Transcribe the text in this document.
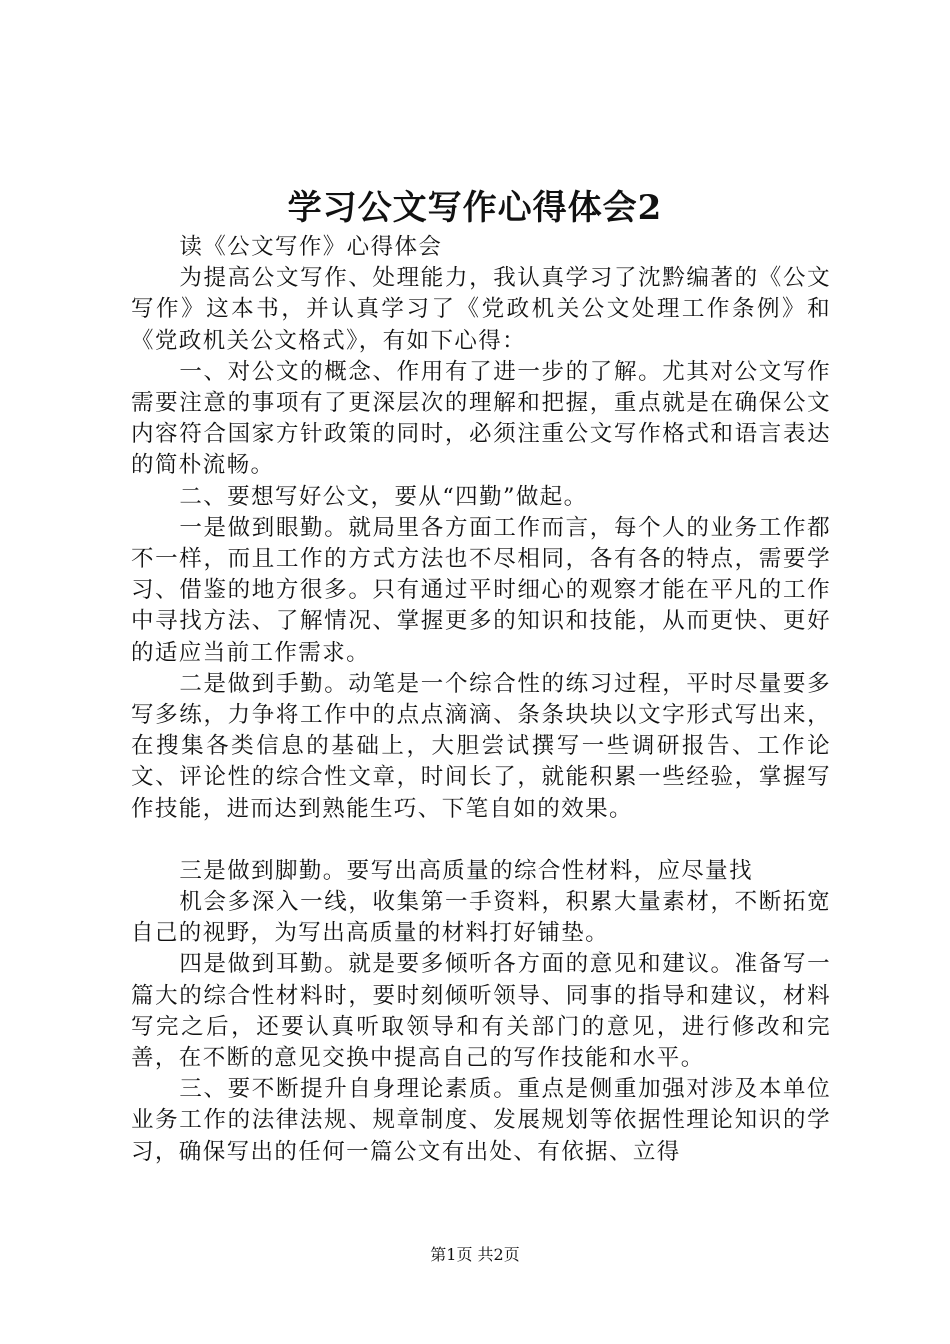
学习公文写作心得体会2

读《公文写作》心得体会

为提高公文写作、处理能力，我认真学习了沈黔编著的《公文写作》这本书，并认真学习了《党政机关公文处理工作条例》和《党政机关公文格式》，有如下心得：

一、对公文的概念、作用有了进一步的了解。尤其对公文写作需要注意的事项有了更深层次的理解和把握，重点就是在确保公文内容符合国家方针政策的同时，必须注重公文写作格式和语言表达的简朴流畅。

二、要想写好公文，要从“四勤”做起。

一是做到眼勤。就局里各方面工作而言，每个人的业务工作都不一样，而且工作的方式方法也不尽相同，各有各的特点，需要学习、借鉴的地方很多。只有通过平时细心的观察才能在平凡的工作中寻找方法、了解情况、掌握更多的知识和技能，从而更快、更好的适应当前工作需求。

二是做到手勤。动笔是一个综合性的练习过程，平时尽量要多写多练，力争将工作中的点点滴滴、条条块块以文字形式写出来，在搜集各类信息的基础上，大胆尝试撰写一些调研报告、工作论文、评论性的综合性文章，时间长了，就能积累一些经验，掌握写作技能，进而达到熟能生巧、下笔自如的效果。

三是做到脚勤。要写出高质量的综合性材料，应尽量找

机会多深入一线，收集第一手资料，积累大量素材，不断拓宽自己的视野，为写出高质量的材料打好铺垫。

四是做到耳勤。就是要多倾听各方面的意见和建议。准备写一篇大的综合性材料时，要时刻倾听领导、同事的指导和建议，材料写完之后，还要认真听取领导和有关部门的意见，进行修改和完善，在不断的意见交换中提高自己的写作技能和水平。

三、要不断提升自身理论素质。重点是侧重加强对涉及本单位业务工作的法律法规、规章制度、发展规划等依据性理论知识的学习，确保写出的任何一篇公文有出处、有依据、立得

第1页 共2页
